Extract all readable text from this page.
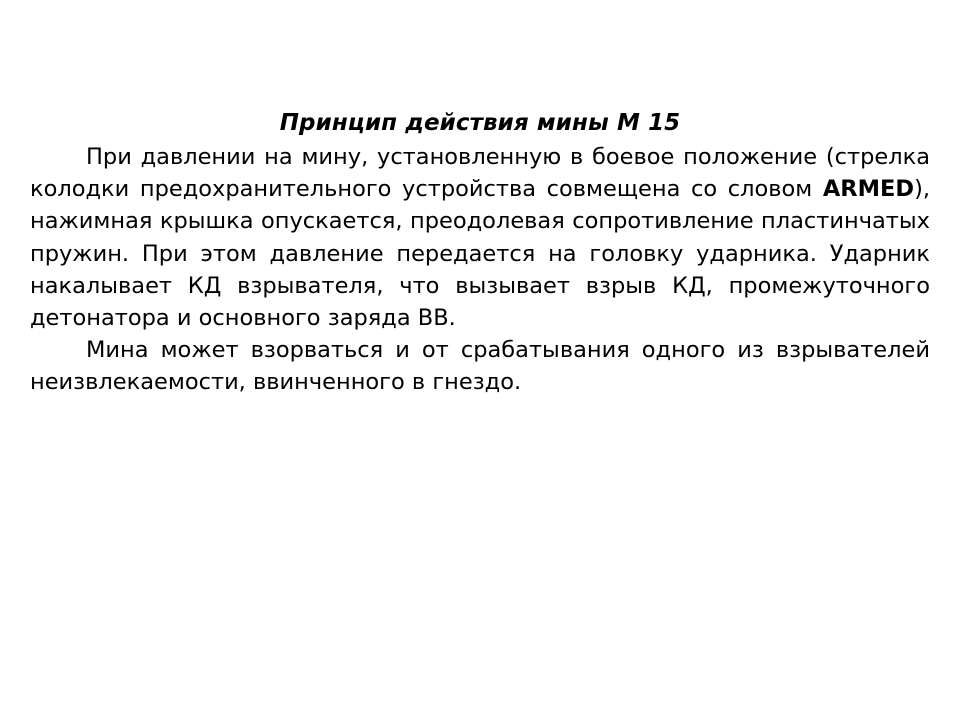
Принцип действия мины М 15

При давлении на мину, установленную в боевое положение (стрелка колодки предохранительного устройства совмещена со словом ARMED), нажимная крышка опускается, преодолевая сопротивление пластинчатых пружин. При этом давление передается на головку ударника. Ударник накалывает КД взрывателя, что вызывает взрыв КД, промежуточного детонатора и основного заряда ВВ.

Мина может взорваться и от срабатывания одного из взрывателей неизвлекаемости, ввинченного в гнездо.
